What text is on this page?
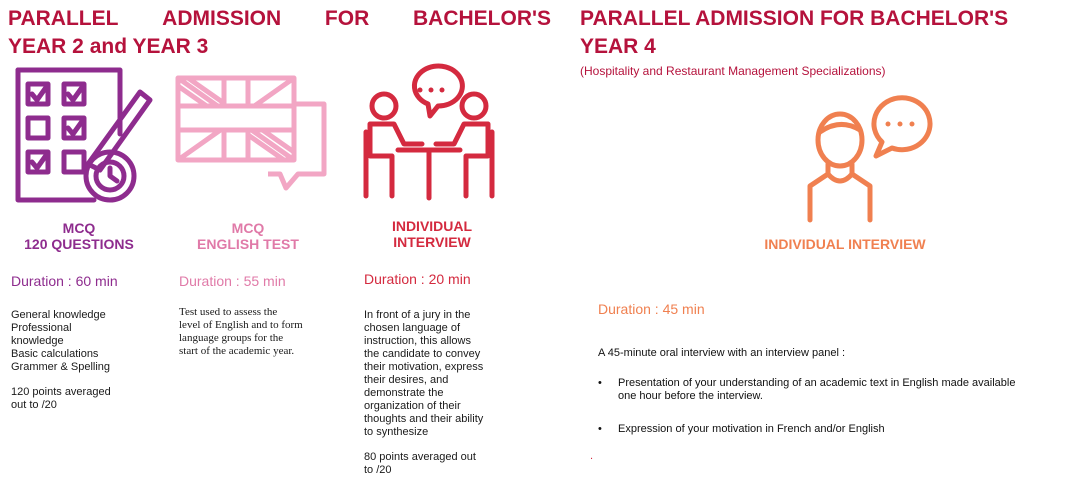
PARALLEL ADMISSION FOR BACHELOR'S
YEAR 2 and YEAR 3
PARALLEL ADMISSION FOR BACHELOR'S
YEAR 4
(Hospitality and Restaurant Management Specializations)
MCQ
120 QUESTIONS
MCQ
ENGLISH TEST
INDIVIDUAL
INTERVIEW	INDIVIDUAL INTERVIEW
Duration : 60 min	Duration : 55 min	Duration : 20 min
Duration : 45 min
General knowledge
Professional
knowledge
Basic calculations
Grammer & Spelling
120 points averaged
out to /20
Test used to assess the
level of English and to form
language groups for the
start of the academic year.
In front of a jury in the
chosen language of
instruction, this allows
the candidate to convey
their motivation, express
their desires, and
demonstrate the
organization of their
thoughts and their ability
to synthesize
80 points averaged out
to /20
A 45-minute oral interview with an interview panel :
•	Presentation of your understanding of an academic text in English made available
one hour before the interview.
•	Expression of your motivation in French and/or English
.
